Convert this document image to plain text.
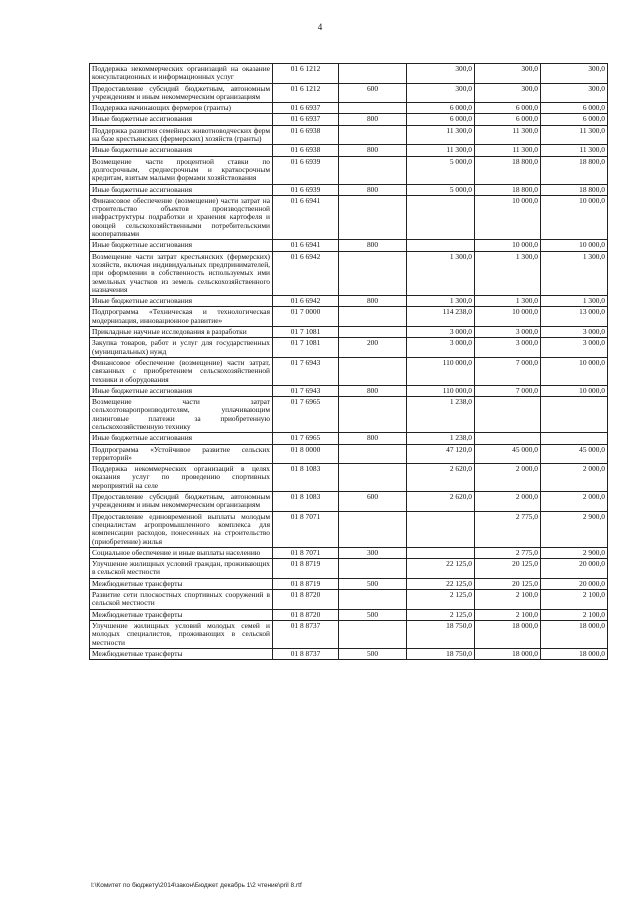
4
Поддержка некоммерческих организаций на оказание консультационных и информационных услуг	01 6 1212		300,0	300,0	300,0
Предоставление субсидий бюджетным, автономным учреждениям и иным некоммерческим организациям	01 6 1212	600	300,0	300,0	300,0
Поддержка начинающих фермеров (гранты)	01 6 6937		6 000,0	6 000,0	6 000,0
Иные бюджетные ассигнования	01 6 6937	800	6 000,0	6 000,0	6 000,0
Поддержка развития семейных животноводческих ферм на базе крестьянских (фермерских) хозяйств (гранты)	01 6 6938		11 300,0	11 300,0	11 300,0
Иные бюджетные ассигнования	01 6 6938	800	11 300,0	11 300,0	11 300,0
Возмещение части процентной ставки по долгосрочным, среднесрочным и краткосрочным кредитам, взятым малыми формами хозяйствования	01 6 6939		5 000,0	18 800,0	18 800,0
Иные бюджетные ассигнования	01 6 6939	800	5 000,0	18 800,0	18 800,0
Финансовое обеспечение (возмещение) части затрат на строительство объектов производственной инфраструктуры подработки и хранения картофеля и овощей сельскохозяйственными потребительскими кооперативами	01 6 6941			10 000,0	10 000,0
Иные бюджетные ассигнования	01 6 6941	800		10 000,0	10 000,0
Возмещение части затрат крестьянских (фермерских) хозяйств, включая индивидуальных предпринимателей, при оформлении в собственность используемых ими земельных участков из земель сельскохозяйственного назначения	01 6 6942		1 300,0	1 300,0	1 300,0
Иные бюджетные ассигнования	01 6 6942	800	1 300,0	1 300,0	1 300,0
Подпрограмма «Техническая и технологическая модернизация, инновационное развитие»	01 7 0000		114 238,0	10 000,0	13 000,0
Прикладные научные исследования в разработки	01 7 1081		3 000,0	3 000,0	3 000,0
Закупка товаров, работ и услуг для государственных (муниципальных) нужд	01 7 1081	200	3 000,0	3 000,0	3 000,0
Финансовое обеспечение (возмещение) части затрат, связанных с приобретением сельскохозяйственной техники и оборудования	01 7 6943		110 000,0	7 000,0	10 000,0
Иные бюджетные ассигнования	01 7 6943	800	110 000,0	7 000,0	10 000,0
Возмещение части затрат сельхозтоваропроизводителям, уплачивающим лизинговые платежи за приобретенную сельскохозяйственную технику	01 7 6965		1 238,0		
Иные бюджетные ассигнования	01 7 6965	800	1 238,0		
Подпрограмма «Устойчивое развитие сельских территорий»	01 8 0000		47 120,0	45 000,0	45 000,0
Поддержка некоммерческих организаций в целях оказания услуг по проведению спортивных мероприятий на селе	01 8 1083		2 620,0	2 000,0	2 000,0
Предоставление субсидий бюджетным, автономным учреждениям и иным некоммерческим организациям	01 8 1083	600	2 620,0	2 000,0	2 000,0
Предоставление единовременной выплаты молодым специалистам агропромышленного комплекса для компенсации расходов, понесенных на строительство (приобретение) жилья	01 8 7071			2 775,0	2 900,0
Социальное обеспечение и иные выплаты населению	01 8 7071	300		2 775,0	2 900,0
Улучшение жилищных условий граждан, проживающих в сельской местности	01 8 8719		22 125,0	20 125,0	20 000,0
Межбюджетные трансферты	01 8 8719	500	22 125,0	20 125,0	20 000,0
Развитие сети плоскостных спортивных сооружений в сельской местности	01 8 8720		2 125,0	2 100,0	2 100,0
Межбюджетные трансферты	01 8 8720	500	2 125,0	2 100,0	2 100,0
Улучшение жилищных условий молодых семей и молодых специалистов, проживающих в сельской местности	01 8 8737		18 750,0	18 000,0	18 000,0
Межбюджетные трансферты	01 8 8737	500	18 750,0	18 000,0	18 000,0
I:\Комитет по бюджету\2014\закон\Бюджет декабрь 1\2 чтение\pril 8.rtf
